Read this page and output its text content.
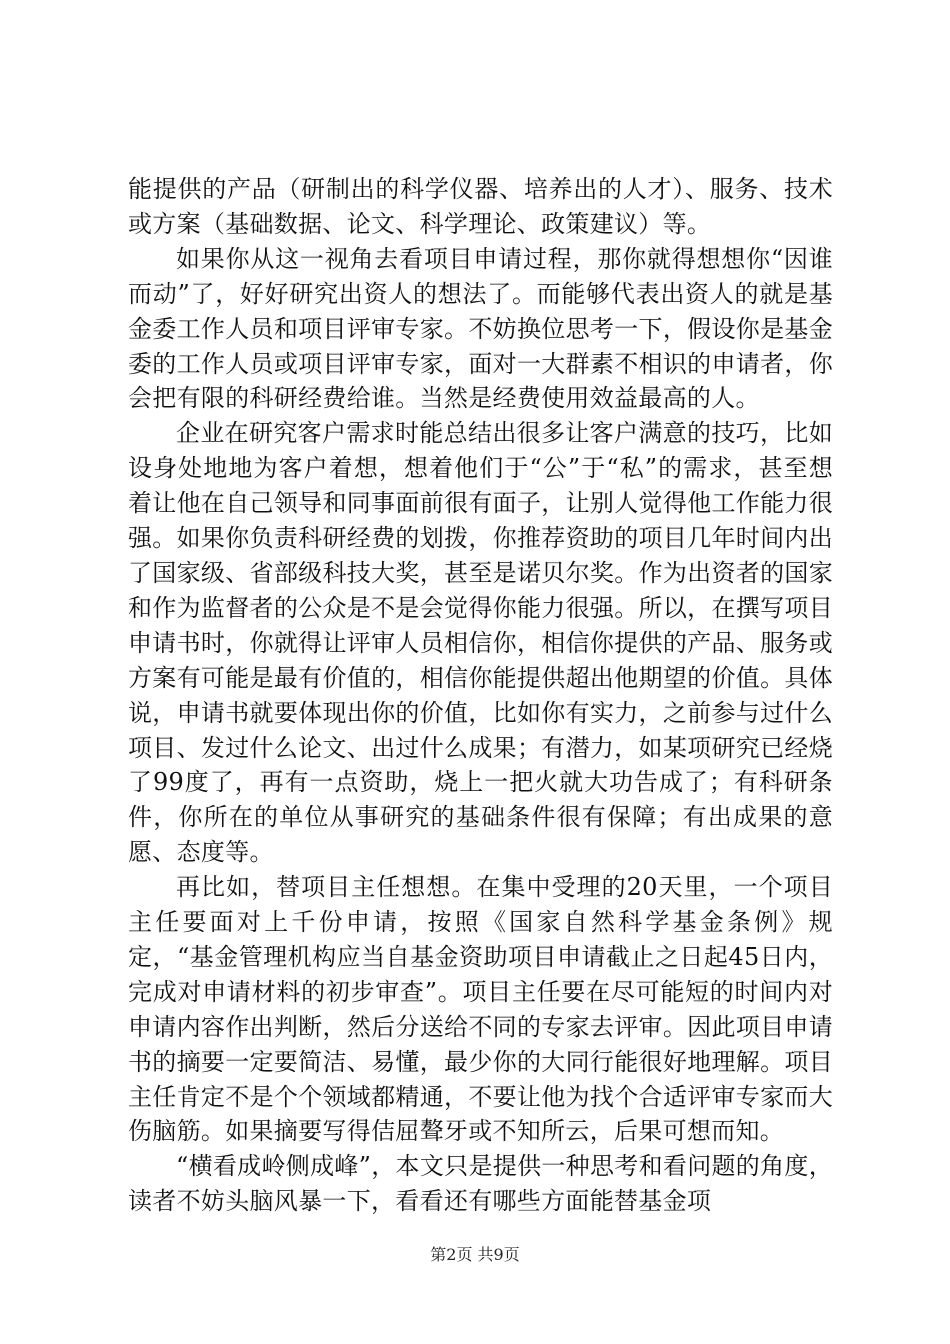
能提供的产品（研制出的科学仪器、培养出的人才）、服务、技术或方案（基础数据、论文、科学理论、政策建议）等。

如果你从这一视角去看项目申请过程，那你就得想想你“因谁而动”了，好好研究出资人的想法了。而能够代表出资人的就是基金委工作人员和项目评审专家。不妨换位思考一下，假设你是基金委的工作人员或项目评审专家，面对一大群素不相识的申请者，你会把有限的科研经费给谁。当然是经费使用效益最高的人。

企业在研究客户需求时能总结出很多让客户满意的技巧，比如设身处地地为客户着想，想着他们于“公”于“私”的需求，甚至想着让他在自己领导和同事面前很有面子，让别人觉得他工作能力很强。如果你负责科研经费的划拨，你推荐资助的项目几年时间内出了国家级、省部级科技大奖，甚至是诺贝尔奖。作为出资者的国家和作为监督者的公众是不是会觉得你能力很强。所以，在撰写项目申请书时，你就得让评审人员相信你，相信你提供的产品、服务或方案有可能是最有价值的，相信你能提供超出他期望的价值。具体说，申请书就要体现出你的价值，比如你有实力，之前参与过什么项目、发过什么论文、出过什么成果；有潜力，如某项研究已经烧了99度了，再有一点资助，烧上一把火就大功告成了；有科研条件，你所在的单位从事研究的基础条件很有保障；有出成果的意愿、态度等。

再比如，替项目主任想想。在集中受理的20天里，一个项目主任要面对上千份申请，按照《国家自然科学基金条例》规定，“基金管理机构应当自基金资助项目申请截止之日起45日内，完成对申请材料的初步审查”。项目主任要在尽可能短的时间内对申请内容作出判断，然后分送给不同的专家去评审。因此项目申请书的摘要一定要简洁、易懂，最少你的大同行能很好地理解。项目主任肯定不是个个领域都精通，不要让他为找个合适评审专家而大伤脑筋。如果摘要写得佶屈聱牙或不知所云，后果可想而知。

“横看成岭侧成峰”，本文只是提供一种思考和看问题的角度，读者不妨头脑风暴一下，看看还有哪些方面能替基金项

第2页 共9页
